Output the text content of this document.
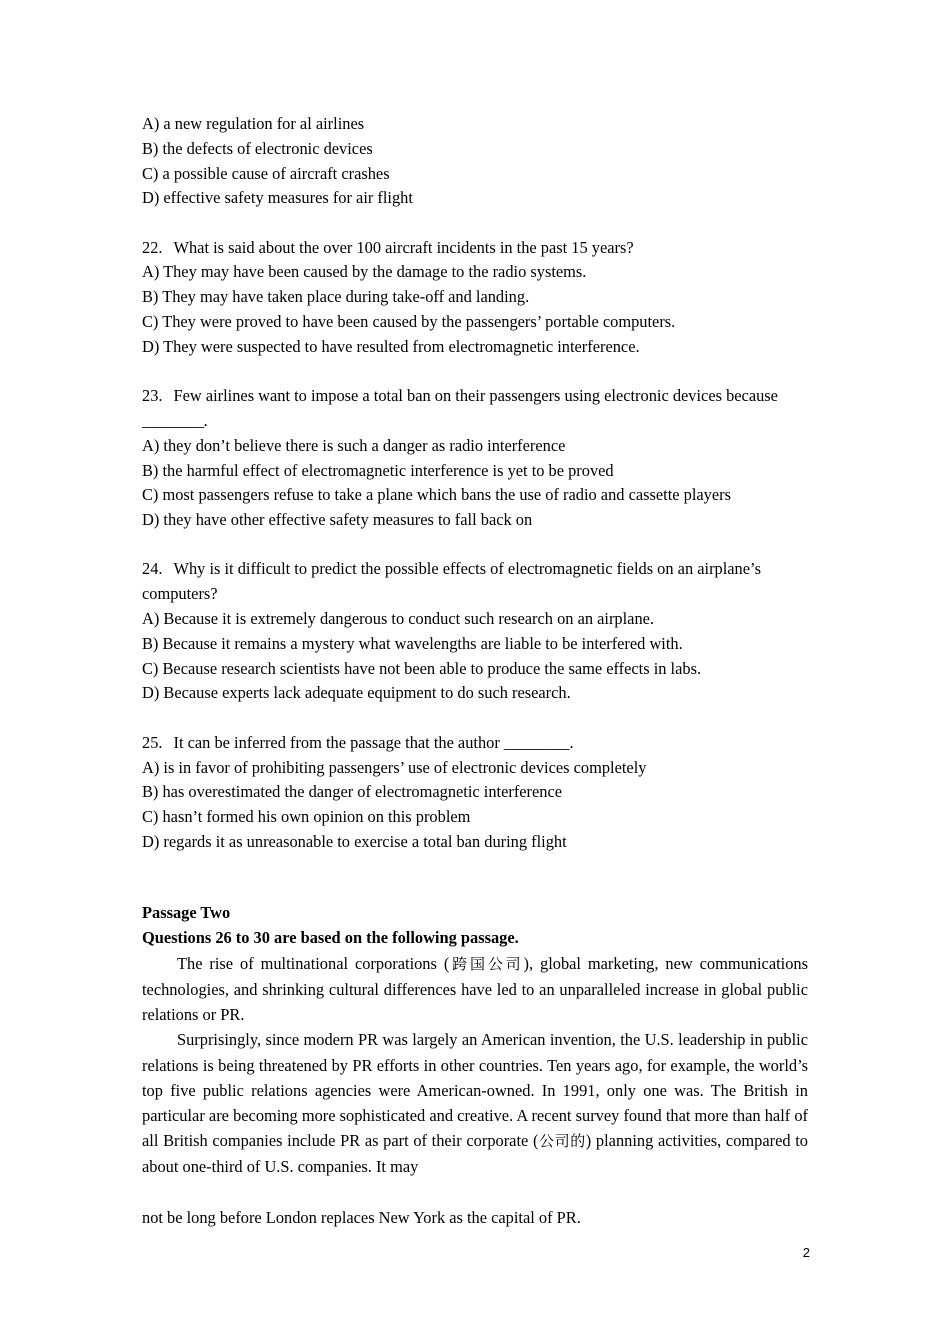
A) a new regulation for al airlines
B) the defects of electronic devices
C) a possible cause of aircraft crashes
D) effective safety measures for air flight
22. What is said about the over 100 aircraft incidents in the past 15 years?
A) They may have been caused by the damage to the radio systems.
B) They may have taken place during take-off and landing.
C) They were proved to have been caused by the passengers’ portable computers.
D) They were suspected to have resulted from electromagnetic interference.
23. Few airlines want to impose a total ban on their passengers using electronic devices because
________.
A) they don’t believe there is such a danger as radio interference
B) the harmful effect of electromagnetic interference is yet to be proved
C) most passengers refuse to take a plane which bans the use of radio and cassette players
D) they have other effective safety measures to fall back on
24. Why is it difficult to predict the possible effects of electromagnetic fields on an airplane’s
computers?
A) Because it is extremely dangerous to conduct such research on an airplane.
B) Because it remains a mystery what wavelengths are liable to be interfered with.
C) Because research scientists have not been able to produce the same effects in labs.
D) Because experts lack adequate equipment to do such research.
25. It can be inferred from the passage that the author ________.
A) is in favor of prohibiting passengers’ use of electronic devices completely
B) has overestimated the danger of electromagnetic interference
C) hasn’t formed his own opinion on this problem
D) regards it as unreasonable to exercise a total ban during flight
Passage Two
Questions 26 to 30 are based on the following passage.

The rise of multinational corporations (跨国公司), global marketing, new communications technologies, and shrinking cultural differences have led to an unparalleled increase in global public relations or PR.

Surprisingly, since modern PR was largely an American invention, the U.S. leadership in public relations is being threatened by PR efforts in other countries. Ten years ago, for example, the world’s top five public relations agencies were American-owned. In 1991, only one was. The British in particular are becoming more sophisticated and creative. A recent survey found that more than half of all British companies include PR as part of their corporate (公司的) planning activities, compared to about one-third of U.S. companies. It may

not be long before London replaces New York as the capital of PR.

2
